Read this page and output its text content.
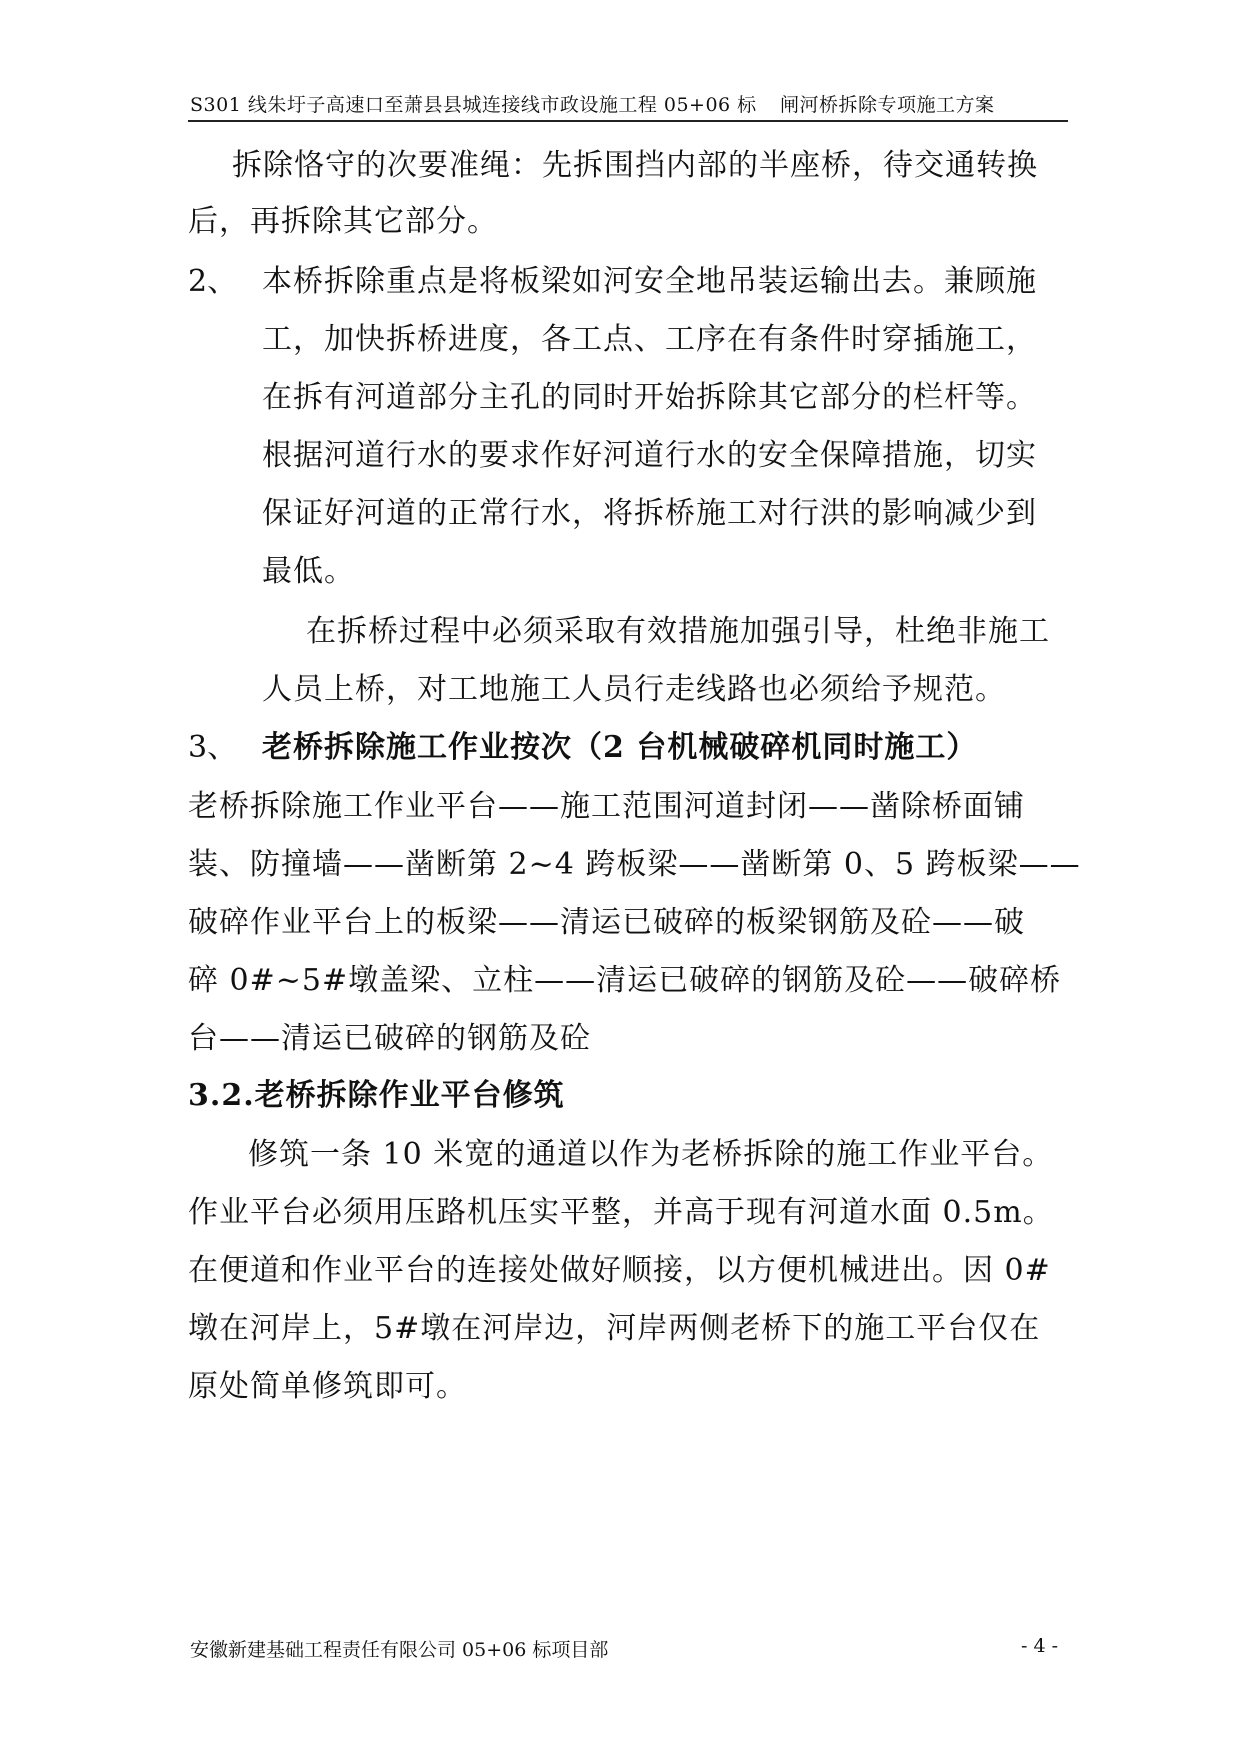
S301 线朱圩子高速口至萧县县城连接线市政设施工程 05+06 标 闸河桥拆除专项施工方案
拆除恪守的次要准绳：先拆围挡内部的半座桥，待交通转换
后，再拆除其它部分。
2、 本桥拆除重点是将板梁如河安全地吊装运输出去。兼顾施
工，加快拆桥进度，各工点、工序在有条件时穿插施工，
在拆有河道部分主孔的同时开始拆除其它部分的栏杆等。
根据河道行水的要求作好河道行水的安全保障措施，切实
保证好河道的正常行水，将拆桥施工对行洪的影响减少到
最低。
在拆桥过程中必须采取有效措施加强引导，杜绝非施工
人员上桥，对工地施工人员行走线路也必须给予规范。
3、 老桥拆除施工作业按次（2 台机械破碎机同时施工）
老桥拆除施工作业平台——施工范围河道封闭——凿除桥面铺
装、防撞墙——凿断第 2~4 跨板梁——凿断第 0、5 跨板梁——
破碎作业平台上的板梁——清运已破碎的板梁钢筋及砼——破
碎 0#~5#墩盖梁、立柱——清运已破碎的钢筋及砼——破碎桥
台——清运已破碎的钢筋及砼
3.2.老桥拆除作业平台修筑
修筑一条 10 米宽的通道以作为老桥拆除的施工作业平台。
作业平台必须用压路机压实平整，并高于现有河道水面 0.5m。
在便道和作业平台的连接处做好顺接，以方便机械进出。因 0#
墩在河岸上，5#墩在河岸边，河岸两侧老桥下的施工平台仅在
原处简单修筑即可。
安徽新建基础工程责任有限公司 05+06 标项目部	- 4 -
